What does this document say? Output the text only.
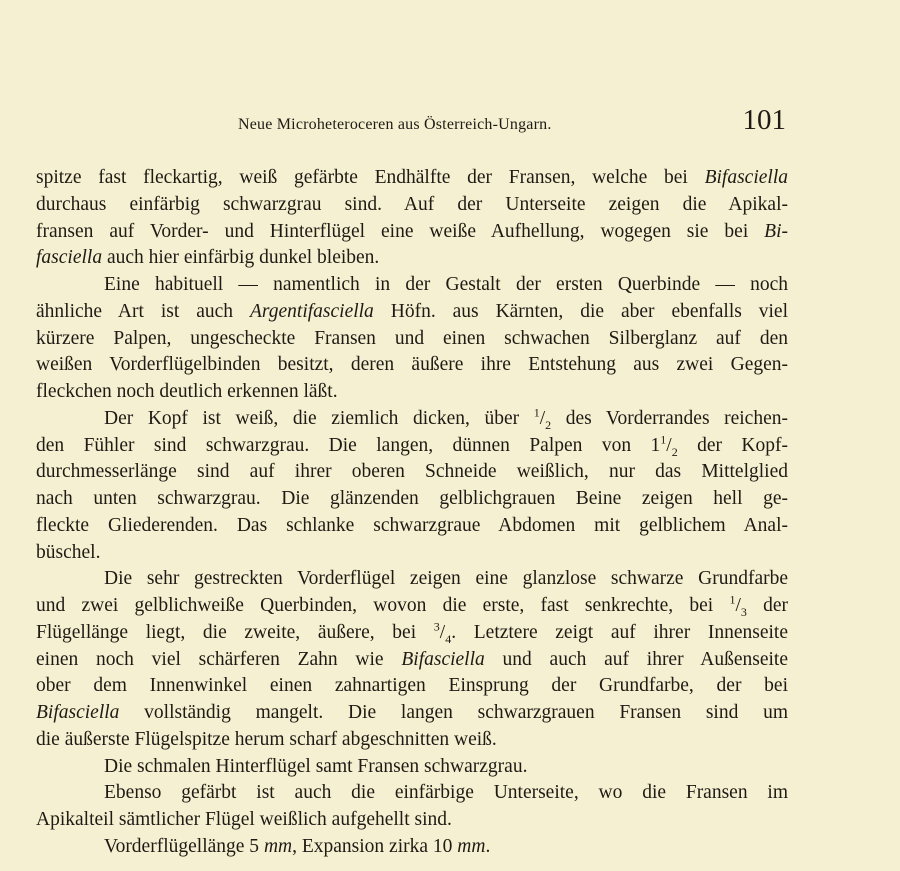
Neue Microheteroceren aus Österreich-Ungarn.	101
spitze fast fleckartig, weiß gefärbte Endhälfte der Fransen, welche bei Bifasciella
durchaus einfärbig schwarzgrau sind. Auf der Unterseite zeigen die Apikal-
fransen auf Vorder- und Hinterflügel eine weiße Aufhellung, wogegen sie bei Bi-
fasciella auch hier einfärbig dunkel bleiben.
Eine habituell — namentlich in der Gestalt der ersten Querbinde — noch
ähnliche Art ist auch Argentifasciella Höfn. aus Kärnten, die aber ebenfalls viel
kürzere Palpen, ungescheckte Fransen und einen schwachen Silberglanz auf den
weißen Vorderflügelbinden besitzt, deren äußere ihre Entstehung aus zwei Gegen-
fleckchen noch deutlich erkennen läßt.
Der Kopf ist weiß, die ziemlich dicken, über $^1/_2$ des Vorderrandes reichen-
den Fühler sind schwarzgrau. Die langen, dünnen Palpen von $1^1/_2$ der Kopf-
durchmesserlänge sind auf ihrer oberen Schneide weißlich, nur das Mittelglied
nach unten schwarzgrau. Die glänzenden gelblichgrauen Beine zeigen hell ge-
fleckte Gliederenden. Das schlanke schwarzgraue Abdomen mit gelblichem Anal-
büschel.
Die sehr gestreckten Vorderflügel zeigen eine glanzlose schwarze Grundfarbe
und zwei gelblichweiße Querbinden, wovon die erste, fast senkrechte, bei $^1/_3$ der
Flügellänge liegt, die zweite, äußere, bei $^3/_4$. Letztere zeigt auf ihrer Innenseite
einen noch viel schärferen Zahn wie Bifasciella und auch auf ihrer Außenseite
ober dem Innenwinkel einen zahnartigen Einsprung der Grundfarbe, der bei
Bifasciella vollständig mangelt. Die langen schwarzgrauen Fransen sind um
die äußerste Flügelspitze herum scharf abgeschnitten weiß.
Die schmalen Hinterflügel samt Fransen schwarzgrau.
Ebenso gefärbt ist auch die einfärbige Unterseite, wo die Fransen im
Apikalteil sämtlicher Flügel weißlich aufgehellt sind.
Vorderflügellänge 5 mm, Expansion zirka 10 mm.
